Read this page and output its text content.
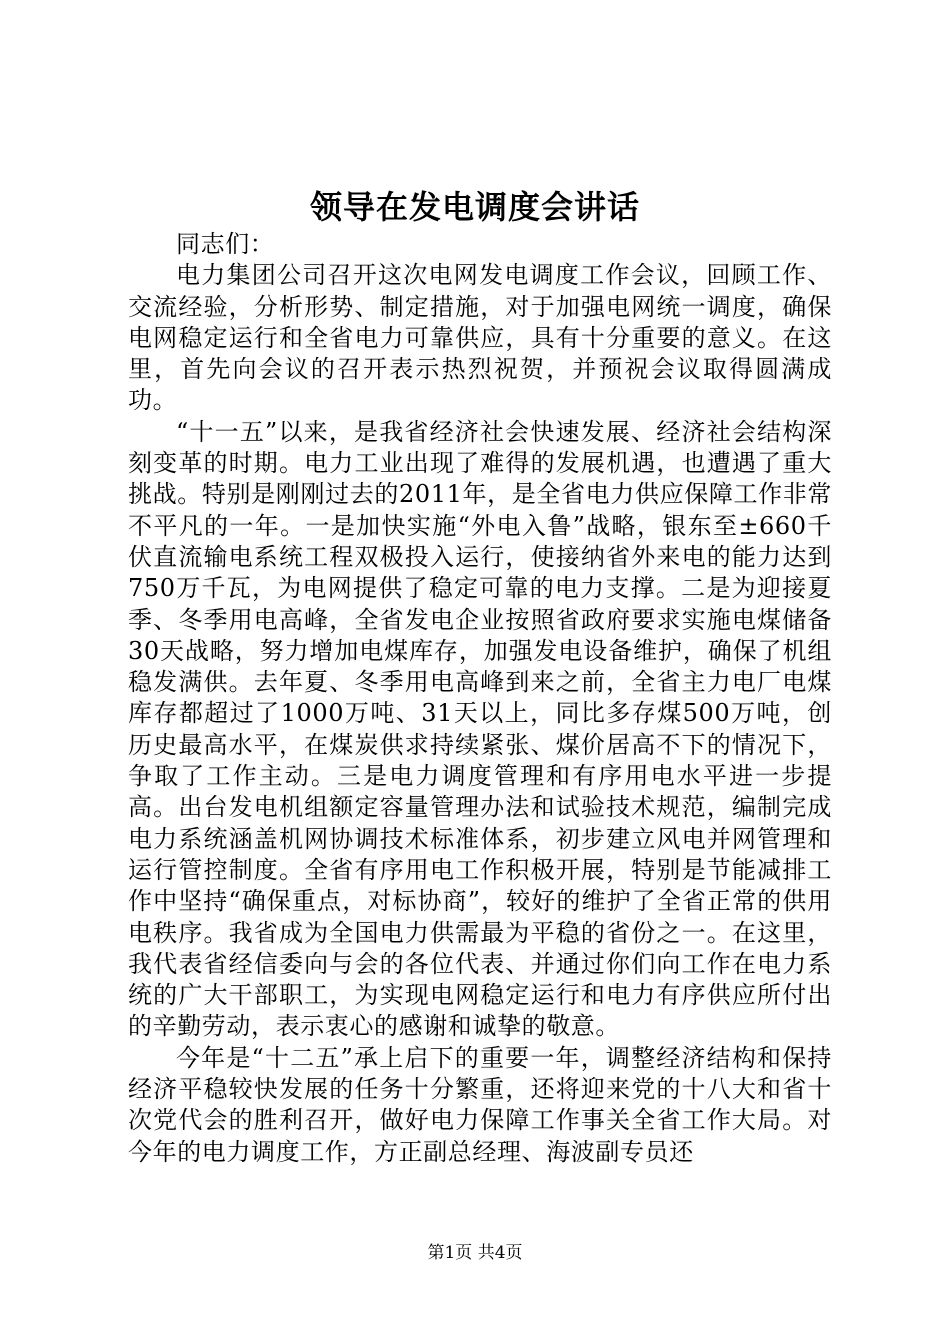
领导在发电调度会讲话

同志们：

电力集团公司召开这次电网发电调度工作会议，回顾工作、交流经验，分析形势、制定措施，对于加强电网统一调度，确保电网稳定运行和全省电力可靠供应，具有十分重要的意义。在这里，首先向会议的召开表示热烈祝贺，并预祝会议取得圆满成功。

“十一五”以来，是我省经济社会快速发展、经济社会结构深刻变革的时期。电力工业出现了难得的发展机遇，也遭遇了重大挑战。特别是刚刚过去的2011年，是全省电力供应保障工作非常不平凡的一年。一是加快实施“外电入鲁”战略，银东至±660千伏直流输电系统工程双极投入运行，使接纳省外来电的能力达到750万千瓦，为电网提供了稳定可靠的电力支撑。二是为迎接夏季、冬季用电高峰，全省发电企业按照省政府要求实施电煤储备30天战略，努力增加电煤库存，加强发电设备维护，确保了机组稳发满供。去年夏、冬季用电高峰到来之前，全省主力电厂电煤库存都超过了1000万吨、31天以上，同比多存煤500万吨，创历史最高水平，在煤炭供求持续紧张、煤价居高不下的情况下，争取了工作主动。三是电力调度管理和有序用电水平进一步提高。出台发电机组额定容量管理办法和试验技术规范，编制完成电力系统涵盖机网协调技术标准体系，初步建立风电并网管理和运行管控制度。全省有序用电工作积极开展，特别是节能减排工作中坚持“确保重点，对标协商”，较好的维护了全省正常的供用电秩序。我省成为全国电力供需最为平稳的省份之一。在这里，我代表省经信委向与会的各位代表、并通过你们向工作在电力系统的广大干部职工，为实现电网稳定运行和电力有序供应所付出的辛勤劳动，表示衷心的感谢和诚挚的敬意。

今年是“十二五”承上启下的重要一年，调整经济结构和保持经济平稳较快发展的任务十分繁重，还将迎来党的十八大和省十次党代会的胜利召开，做好电力保障工作事关全省工作大局。对今年的电力调度工作，方正副总经理、海波副专员还

第1页 共4页
